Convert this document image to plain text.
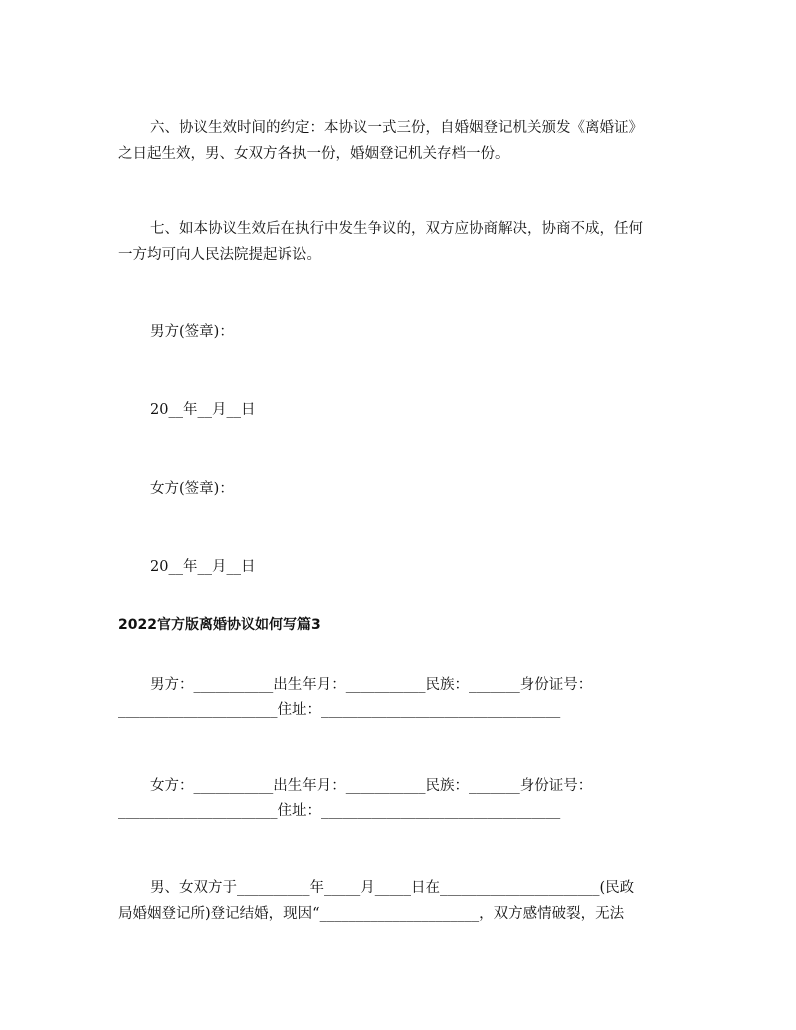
六、协议生效时间的约定：本协议一式三份，自婚姻登记机关颁发《离婚证》
之日起生效，男、女双方各执一份，婚姻登记机关存档一份。
七、如本协议生效后在执行中发生争议的，双方应协商解决，协商不成，任何
一方均可向人民法院提起诉讼。
男方(签章)：
20__年__月__日
女方(签章)：
20__年__月__日
2022官方版离婚协议如何写篇3
男方：___________出生年月：___________民族：_______身份证号：
______________________住址：_________________________________
女方：___________出生年月：___________民族：_______身份证号：
______________________住址：_________________________________
男、女双方于__________年_____月_____日在______________________(民政
局婚姻登记所)登记结婚，现因“______________________，双方感情破裂，无法
